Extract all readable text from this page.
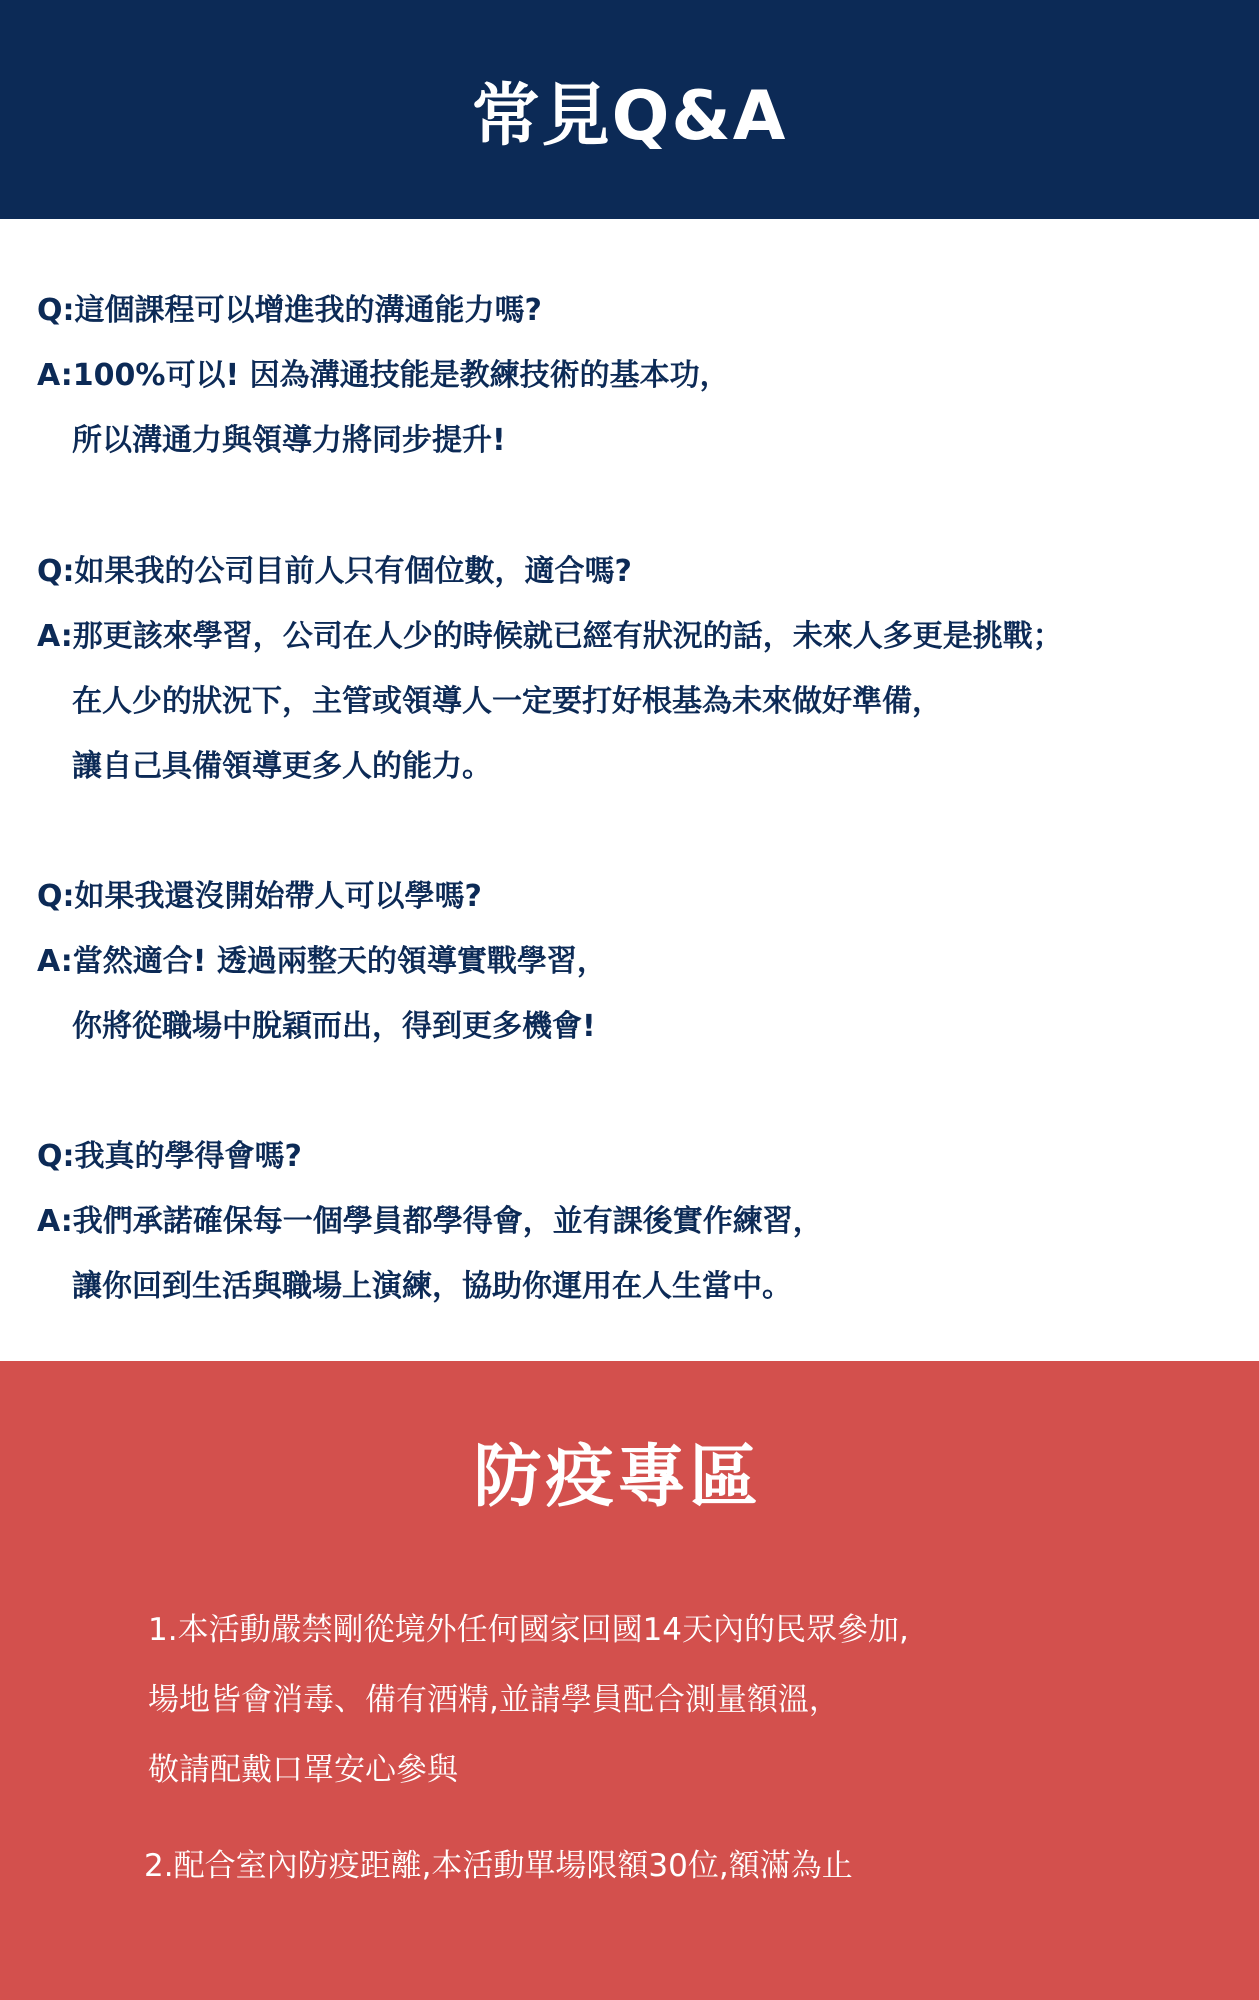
常見Q&A
Q:這個課程可以增進我的溝通能力嗎?
A:100%可以! 因為溝通技能是教練技術的基本功，
所以溝通力與領導力將同步提升!
Q:如果我的公司目前人只有個位數，適合嗎?
A:那更該來學習，公司在人少的時候就已經有狀況的話，未來人多更是挑戰；
在人少的狀況下，主管或領導人一定要打好根基為未來做好準備，
讓自己具備領導更多人的能力。
Q:如果我還沒開始帶人可以學嗎?
A:當然適合! 透過兩整天的領導實戰學習，
你將從職場中脫穎而出，得到更多機會!
Q:我真的學得會嗎?
A:我們承諾確保每一個學員都學得會，並有課後實作練習，
讓你回到生活與職場上演練，協助你運用在人生當中。
防疫專區
1.本活動嚴禁剛從境外任何國家回國14天內的民眾參加,
場地皆會消毒、備有酒精,並請學員配合測量額溫，
敬請配戴口罩安心參與
2.配合室內防疫距離,本活動單場限額30位,額滿為止
